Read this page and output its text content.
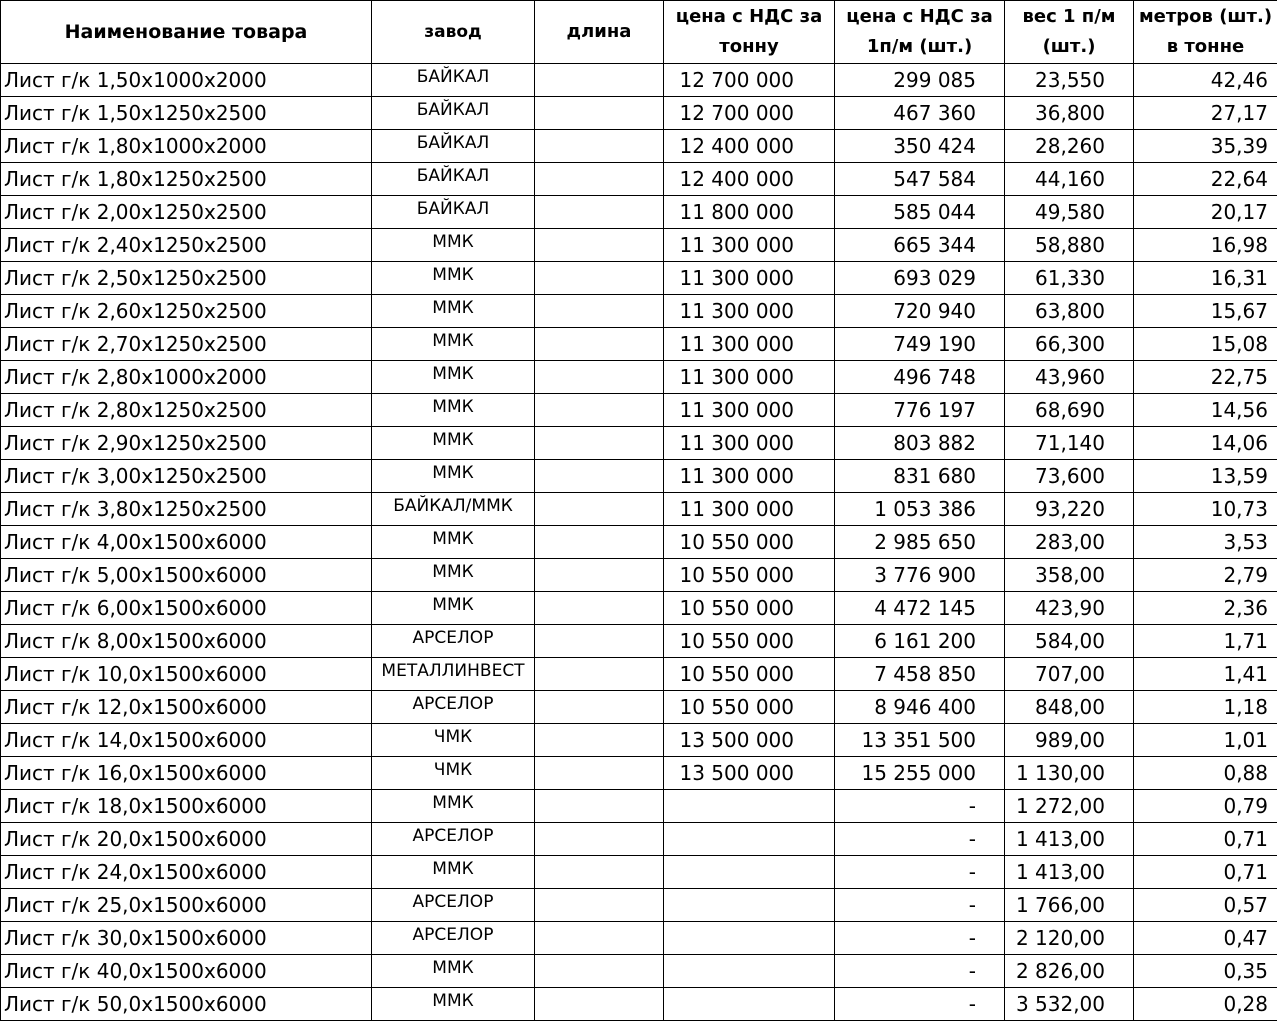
Наименование товара	завод	длина	цена с НДС за тонну	цена с НДС за 1п/м (шт.)	вес 1 п/м (шт.)	метров (шт.) в тонне
Лист г/к 1,50х1000х2000	БАЙКАЛ		12 700 000	299 085	23,550	42,46
Лист г/к 1,50х1250х2500	БАЙКАЛ		12 700 000	467 360	36,800	27,17
Лист г/к 1,80х1000х2000	БАЙКАЛ		12 400 000	350 424	28,260	35,39
Лист г/к 1,80х1250х2500	БАЙКАЛ		12 400 000	547 584	44,160	22,64
Лист г/к 2,00х1250х2500	БАЙКАЛ		11 800 000	585 044	49,580	20,17
Лист г/к 2,40х1250х2500	ММК		11 300 000	665 344	58,880	16,98
Лист г/к 2,50х1250х2500	ММК		11 300 000	693 029	61,330	16,31
Лист г/к 2,60х1250х2500	ММК		11 300 000	720 940	63,800	15,67
Лист г/к 2,70х1250х2500	ММК		11 300 000	749 190	66,300	15,08
Лист г/к 2,80х1000х2000	ММК		11 300 000	496 748	43,960	22,75
Лист г/к 2,80х1250х2500	ММК		11 300 000	776 197	68,690	14,56
Лист г/к 2,90х1250х2500	ММК		11 300 000	803 882	71,140	14,06
Лист г/к 3,00х1250х2500	ММК		11 300 000	831 680	73,600	13,59
Лист г/к 3,80х1250х2500	БАЙКАЛ/ММК		11 300 000	1 053 386	93,220	10,73
Лист г/к 4,00х1500х6000	ММК		10 550 000	2 985 650	283,00	3,53
Лист г/к 5,00х1500х6000	ММК		10 550 000	3 776 900	358,00	2,79
Лист г/к 6,00х1500х6000	ММК		10 550 000	4 472 145	423,90	2,36
Лист г/к 8,00х1500х6000	АРСЕЛОР		10 550 000	6 161 200	584,00	1,71
Лист г/к 10,0х1500х6000	МЕТАЛЛИНВЕСТ		10 550 000	7 458 850	707,00	1,41
Лист г/к 12,0х1500х6000	АРСЕЛОР		10 550 000	8 946 400	848,00	1,18
Лист г/к 14,0х1500х6000	ЧМК		13 500 000	13 351 500	989,00	1,01
Лист г/к 16,0х1500х6000	ЧМК		13 500 000	15 255 000	1 130,00	0,88
Лист г/к 18,0х1500х6000	ММК			-	1 272,00	0,79
Лист г/к 20,0х1500х6000	АРСЕЛОР			-	1 413,00	0,71
Лист г/к 24,0х1500х6000	ММК			-	1 413,00	0,71
Лист г/к 25,0х1500х6000	АРСЕЛОР			-	1 766,00	0,57
Лист г/к 30,0х1500х6000	АРСЕЛОР			-	2 120,00	0,47
Лист г/к 40,0х1500х6000	ММК			-	2 826,00	0,35
Лист г/к 50,0х1500х6000	ММК			-	3 532,00	0,28
